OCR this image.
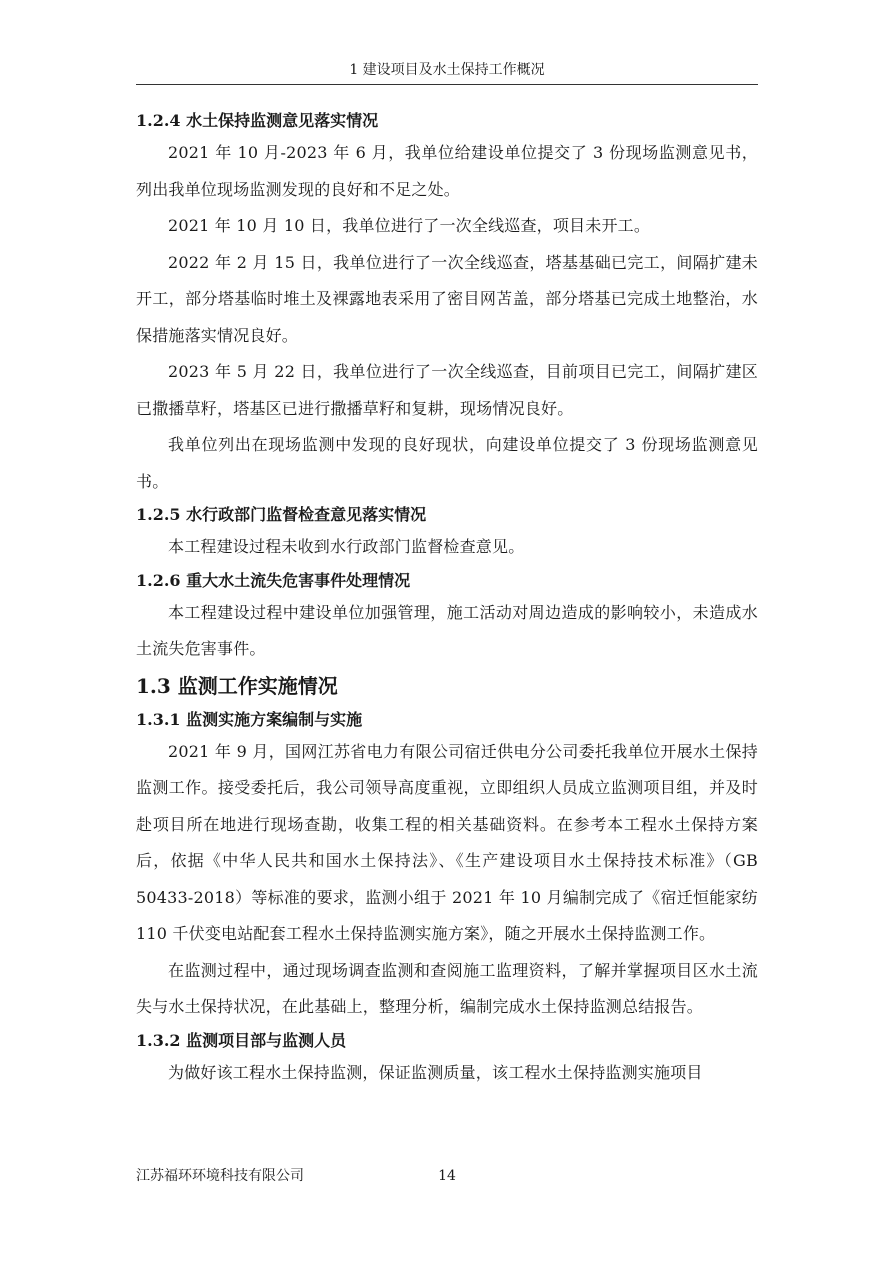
1 建设项目及水土保持工作概况
1.2.4 水土保持监测意见落实情况

2021 年 10 月-2023 年 6 月，我单位给建设单位提交了 3 份现场监测意见书，列出我单位现场监测发现的良好和不足之处。

2021 年 10 月 10 日，我单位进行了一次全线巡查，项目未开工。

2022 年 2 月 15 日，我单位进行了一次全线巡查，塔基基础已完工，间隔扩建未开工，部分塔基临时堆土及裸露地表采用了密目网苫盖，部分塔基已完成土地整治，水保措施落实情况良好。

2023 年 5 月 22 日，我单位进行了一次全线巡查，目前项目已完工，间隔扩建区已撒播草籽，塔基区已进行撒播草籽和复耕，现场情况良好。

我单位列出在现场监测中发现的良好现状，向建设单位提交了 3 份现场监测意见书。

1.2.5 水行政部门监督检查意见落实情况

本工程建设过程未收到水行政部门监督检查意见。

1.2.6 重大水土流失危害事件处理情况

本工程建设过程中建设单位加强管理，施工活动对周边造成的影响较小，未造成水土流失危害事件。

1.3 监测工作实施情况
1.3.1 监测实施方案编制与实施

2021 年 9 月，国网江苏省电力有限公司宿迁供电分公司委托我单位开展水土保持监测工作。接受委托后，我公司领导高度重视，立即组织人员成立监测项目组，并及时赴项目所在地进行现场查勘，收集工程的相关基础资料。在参考本工程水土保持方案后，依据《中华人民共和国水土保持法》、《生产建设项目水土保持技术标准》（GB 50433-2018）等标准的要求，监测小组于 2021 年 10 月编制完成了《宿迁恒能家纺 110 千伏变电站配套工程水土保持监测实施方案》，随之开展水土保持监测工作。

在监测过程中，通过现场调查监测和查阅施工监理资料，了解并掌握项目区水土流失与水土保持状况，在此基础上，整理分析，编制完成水土保持监测总结报告。

1.3.2 监测项目部与监测人员

为做好该工程水土保持监测，保证监测质量，该工程水土保持监测实施项目

江苏福环环境科技有限公司	14
